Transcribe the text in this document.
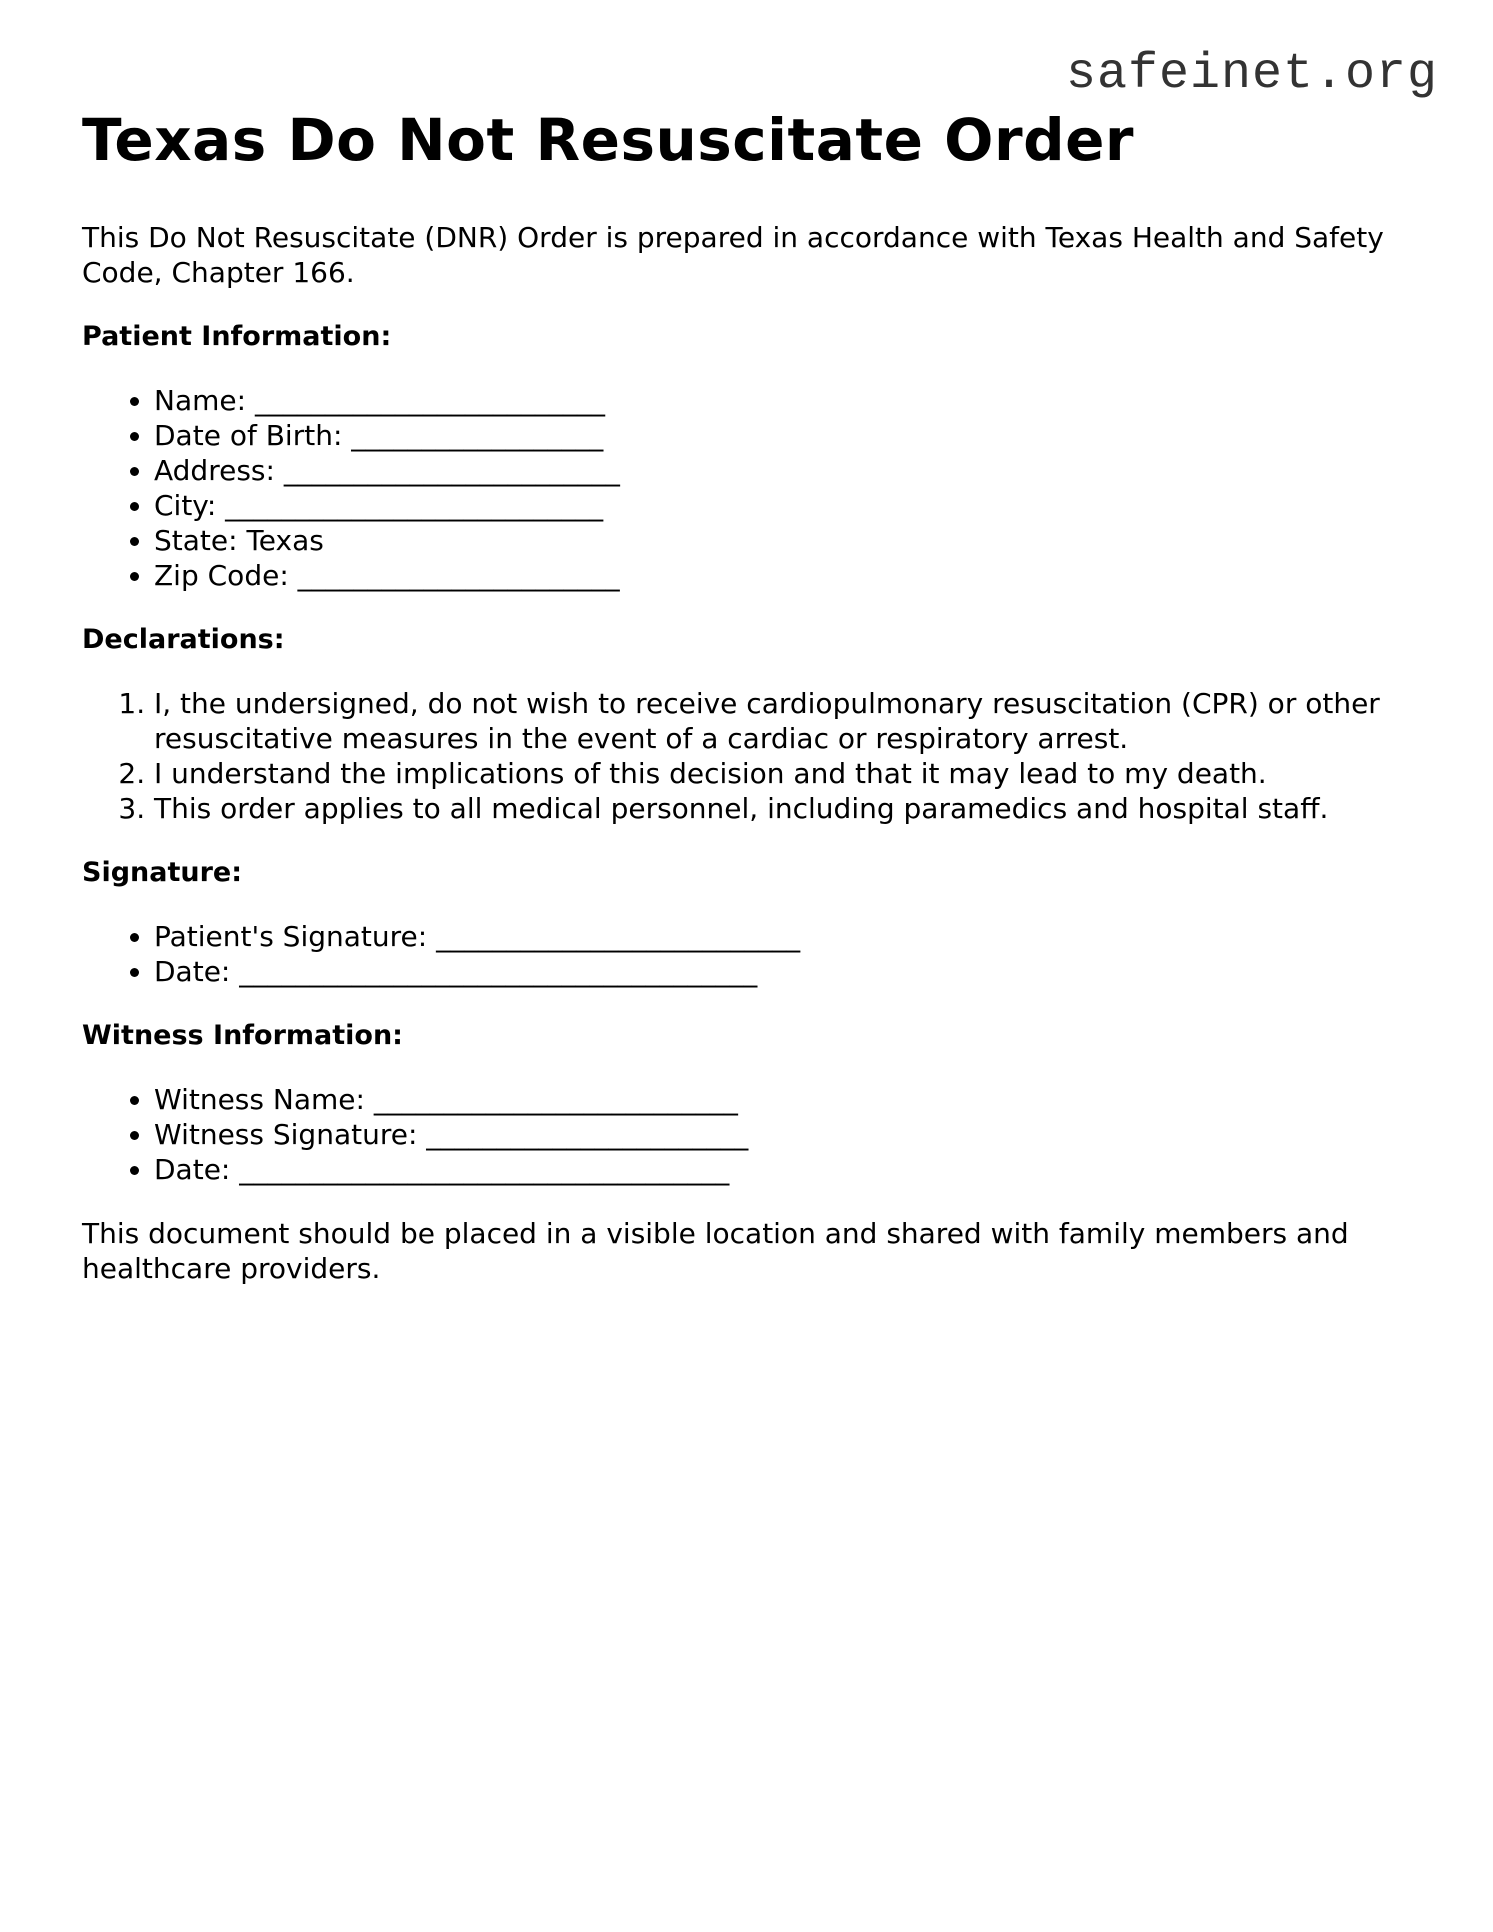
safeinet.org
Texas Do Not Resuscitate Order

This Do Not Resuscitate (DNR) Order is prepared in accordance with Texas Health and Safety Code, Chapter 166.

Patient Information:
• Name: _________________________
• Date of Birth: __________________
• Address: ________________________
• City: ___________________________
• State: Texas
• Zip Code: _______________________
Declarations:
1. I, the undersigned, do not wish to receive cardiopulmonary resuscitation (CPR) or other resuscitative measures in the event of a cardiac or respiratory arrest.
2. I understand the implications of this decision and that it may lead to my death.
3. This order applies to all medical personnel, including paramedics and hospital staff.
Signature:
• Patient's Signature: __________________________
• Date: _____________________________________
Witness Information:
• Witness Name: __________________________
• Witness Signature: _______________________
• Date: ___________________________________

This document should be placed in a visible location and shared with family members and healthcare providers.
